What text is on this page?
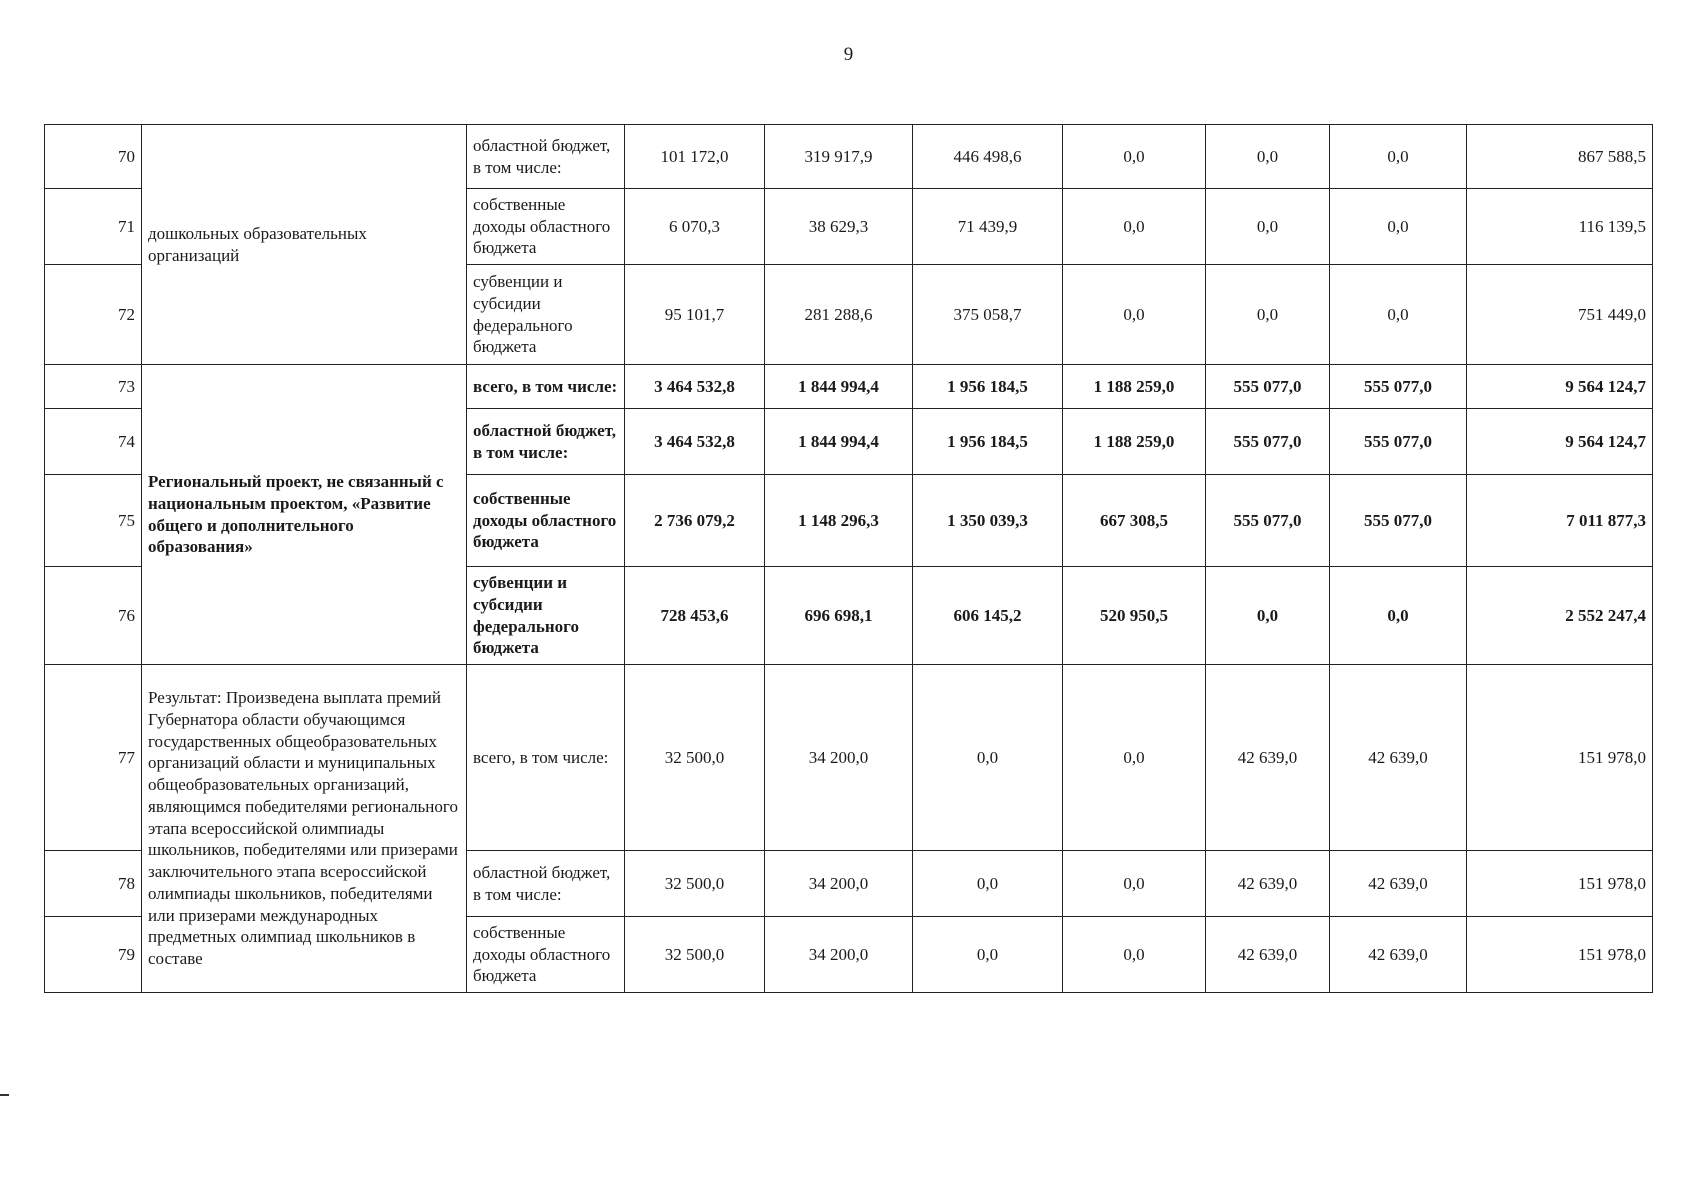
9
70	дошкольных образовательных организаций	областной бюджет, в том числе:	101 172,0	319 917,9	446 498,6	0,0	0,0	0,0	867 588,5
71		собственные доходы областного бюджета	6 070,3	38 629,3	71 439,9	0,0	0,0	0,0	116 139,5
72		субвенции и субсидии федерального бюджета	95 101,7	281 288,6	375 058,7	0,0	0,0	0,0	751 449,0
73	Региональный проект, не связанный с национальным проектом, «Развитие общего и дополнительного образования»	всего, в том числе:	3 464 532,8	1 844 994,4	1 956 184,5	1 188 259,0	555 077,0	555 077,0	9 564 124,7
74		областной бюджет, в том числе:	3 464 532,8	1 844 994,4	1 956 184,5	1 188 259,0	555 077,0	555 077,0	9 564 124,7
75		собственные доходы областного бюджета	2 736 079,2	1 148 296,3	1 350 039,3	667 308,5	555 077,0	555 077,0	7 011 877,3
76		субвенции и субсидии федерального бюджета	728 453,6	696 698,1	606 145,2	520 950,5	0,0	0,0	2 552 247,4
77	Результат: Произведена выплата премий Губернатора области обучающимся государственных общеобразовательных организаций области и муниципальных общеобразовательных организаций, являющимся победителями регионального этапа всероссийской олимпиады школьников, победителями или призерами заключительного этапа всероссийской олимпиады школьников, победителями или призерами международных предметных олимпиад школьников в составе	всего, в том числе:	32 500,0	34 200,0	0,0	0,0	42 639,0	42 639,0	151 978,0
78		областной бюджет, в том числе:	32 500,0	34 200,0	0,0	0,0	42 639,0	42 639,0	151 978,0
79		собственные доходы областного бюджета	32 500,0	34 200,0	0,0	0,0	42 639,0	42 639,0	151 978,0
